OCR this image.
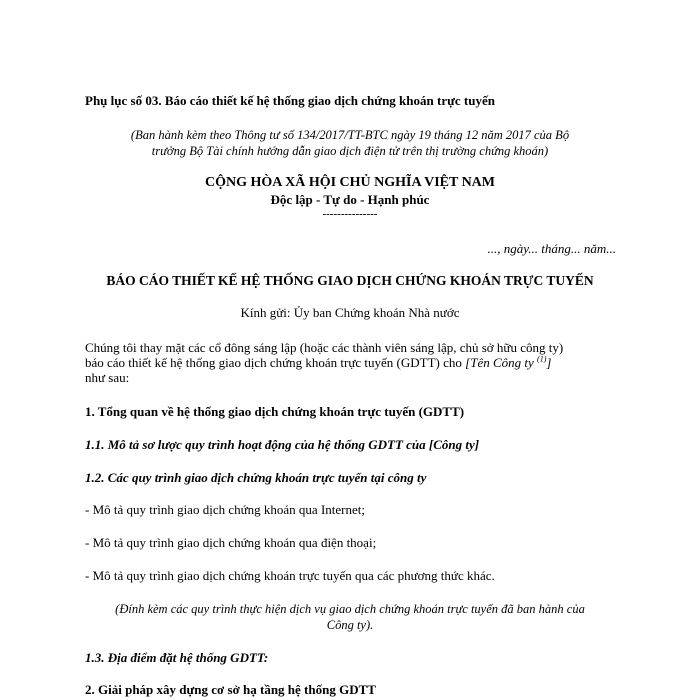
Phụ lục số 03. Báo cáo thiết kế hệ thống giao dịch chứng khoán trực tuyến
(Ban hành kèm theo Thông tư số 134/2017/TT-BTC ngày 19 tháng 12 năm 2017 của Bộ
trưởng Bộ Tài chính hướng dẫn giao dịch điện tử trên thị trường chứng khoán)
CỘNG HÒA XÃ HỘI CHỦ NGHĨA VIỆT NAM
Độc lập - Tự do - Hạnh phúc
---------------
..., ngày... tháng... năm...
BÁO CÁO THIẾT KẾ HỆ THỐNG GIAO DỊCH CHỨNG KHOÁN TRỰC TUYẾN
Kính gửi: Ủy ban Chứng khoán Nhà nước
Chúng tôi thay mặt các cổ đông sáng lập (hoặc các thành viên sáng lập, chủ sở hữu công ty)
báo cáo thiết kế hệ thống giao dịch chứng khoán trực tuyến (GDTT) cho [Tên Công ty $^{(1)}$]
như sau:
1. Tổng quan về hệ thống giao dịch chứng khoán trực tuyến (GDTT)
1.1. Mô tả sơ lược quy trình hoạt động của hệ thống GDTT của [Công ty]
1.2. Các quy trình giao dịch chứng khoán trực tuyến tại công ty
- Mô tả quy trình giao dịch chứng khoán qua Internet;
- Mô tả quy trình giao dịch chứng khoán qua điện thoại;
- Mô tả quy trình giao dịch chứng khoán trực tuyến qua các phương thức khác.
(Đính kèm các quy trình thực hiện dịch vụ giao dịch chứng khoán trực tuyến đã ban hành của
Công ty).
1.3. Địa điểm đặt hệ thống GDTT:
2. Giải pháp xây dựng cơ sở hạ tầng hệ thống GDTT
